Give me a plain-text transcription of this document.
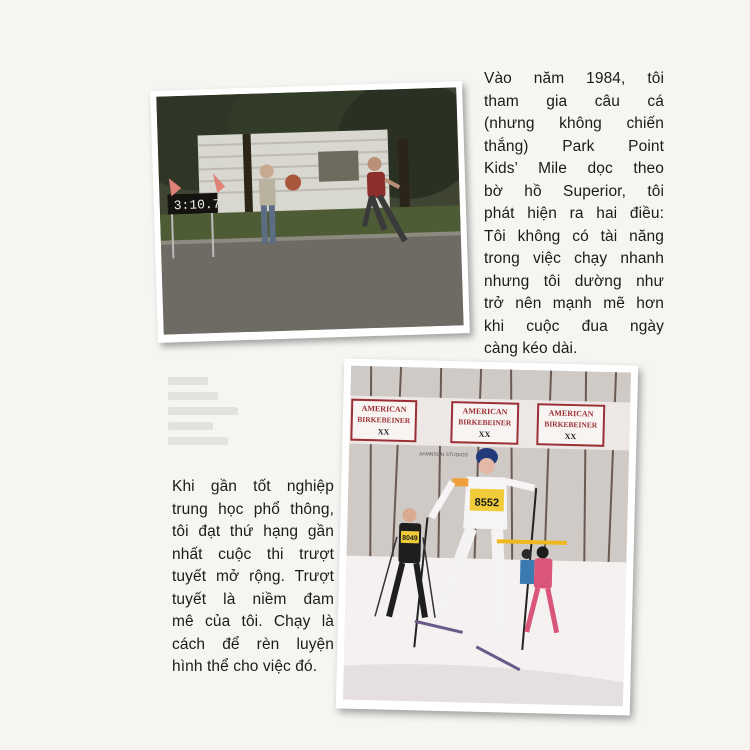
3:10.7
Vào năm 1984, tôi
tham gia câu cá
(nhưng không chiến
thắng) Park Point
Kids’ Mile dọc theo
bờ hồ Superior, tôi
phát hiện ra hai điều:
Tôi không có tài năng
trong việc chạy nhanh
nhưng tôi dường như
trở nên mạnh mẽ hơn
khi cuộc đua ngày
càng kéo dài.
AMERICAN
BIRKEBEINER
XX
AMERICAN
BIRKEBEINER
XX
AMERICAN
BIRKEBEINER
XX
AAMNSON STUDIOS
8552
8049
Khi gần tốt nghiệp
trung học phổ thông,
tôi đạt thứ hạng gần
nhất cuộc thi trượt
tuyết mở rộng. Trượt
tuyết là niềm đam
mê của tôi. Chạy là
cách để rèn luyện
hình thể cho việc đó.
